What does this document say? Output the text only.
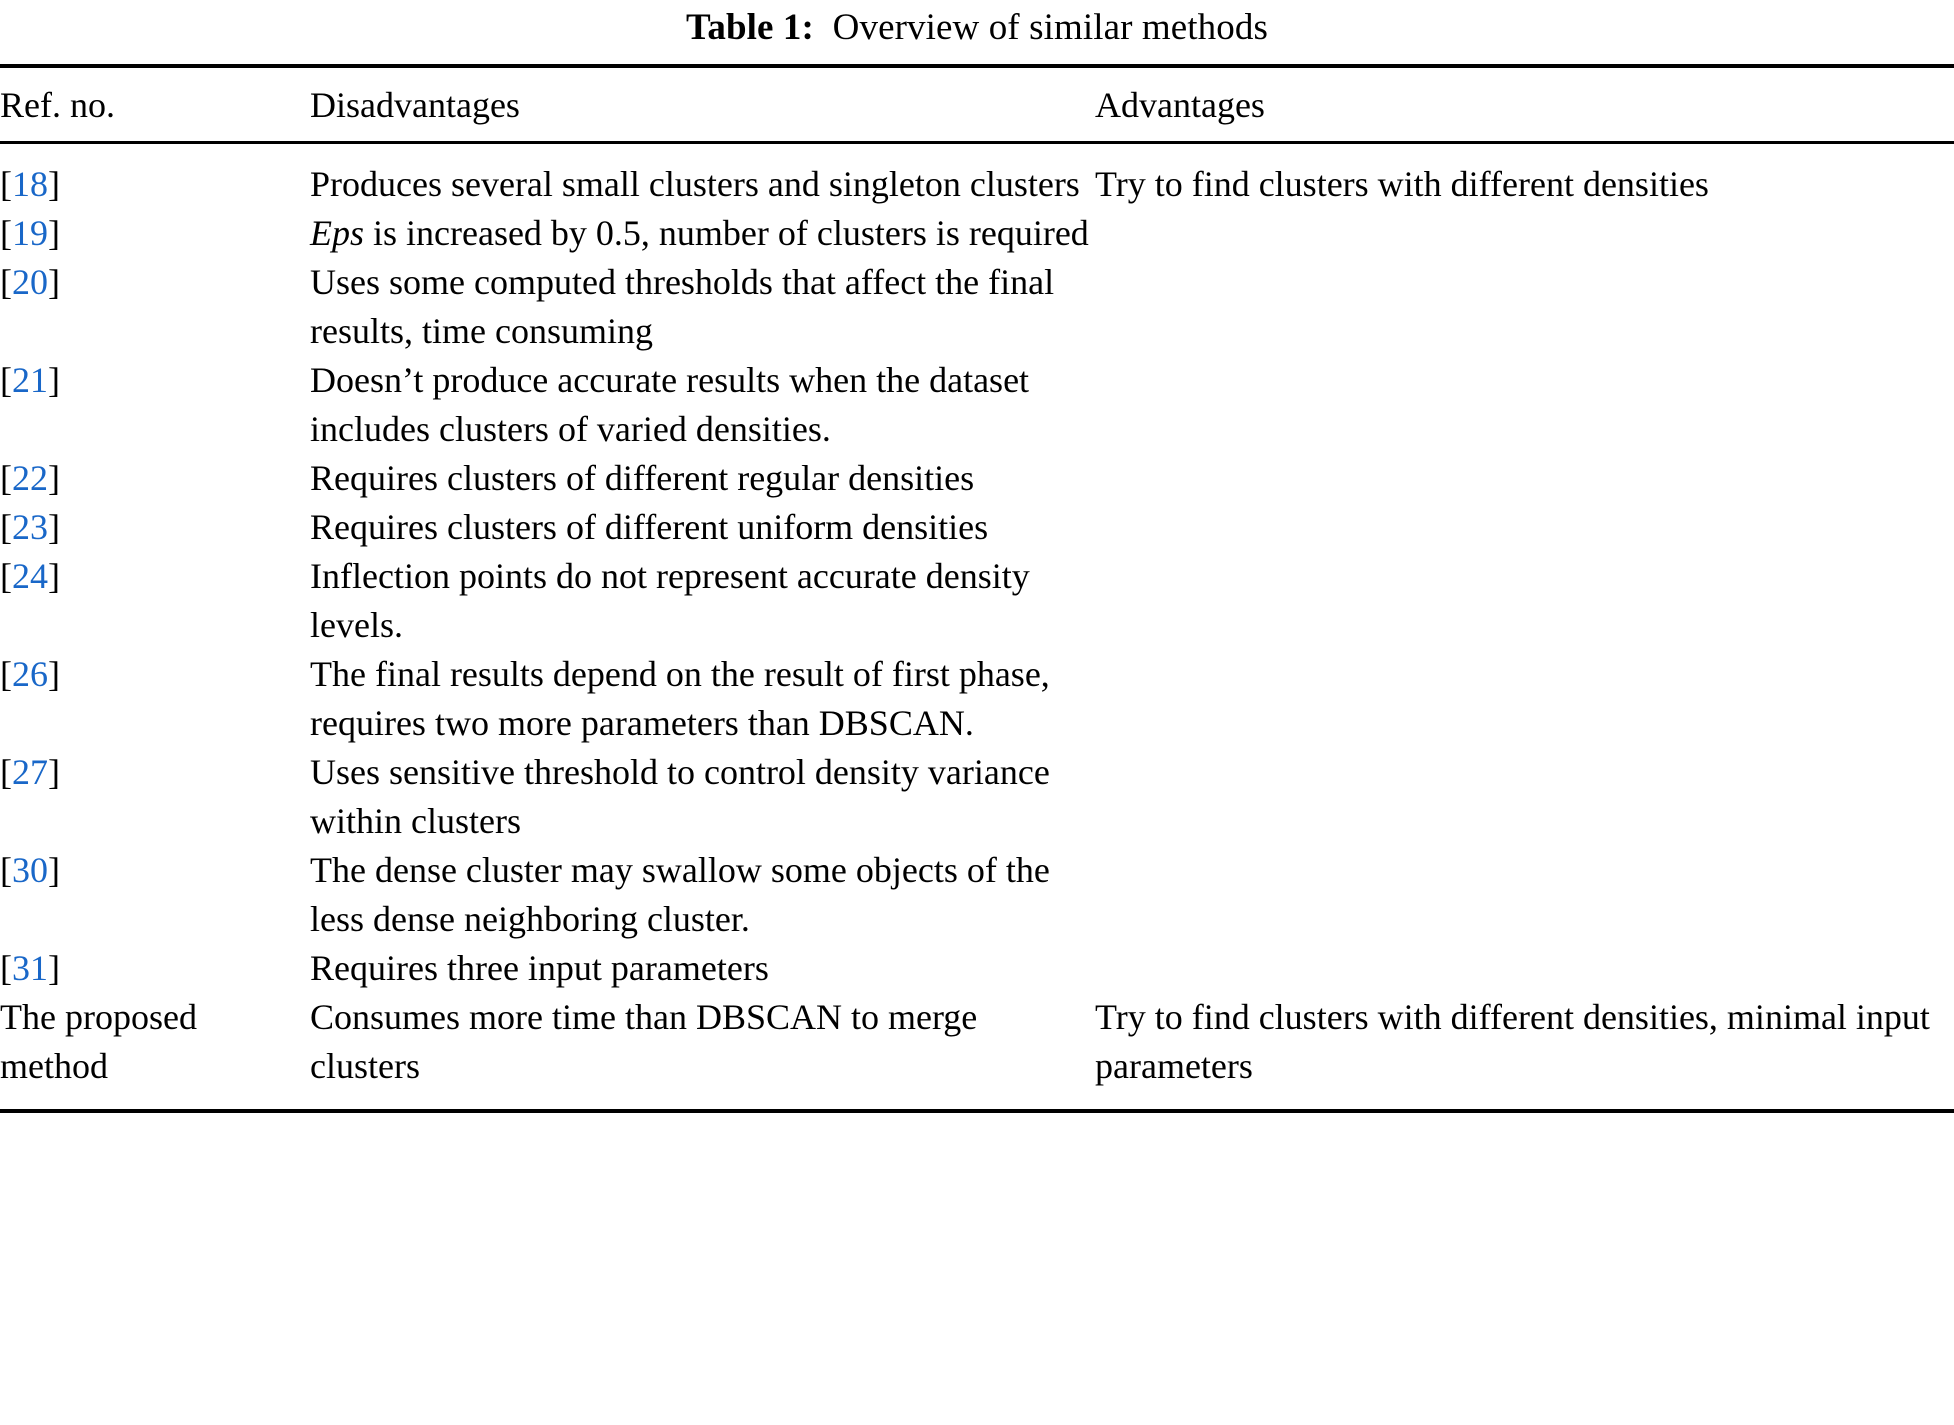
Table 1: Overview of similar methods
Ref. no.	Disadvantages	Advantages
[18]	Produces several small clusters and singleton clusters	Try to find clusters with different densities
[19]	Eps is increased by 0.5, number of clusters is required	
[20]	Uses some computed thresholds that affect the final results, time consuming	
[21]	Doesn’t produce accurate results when the dataset includes clusters of varied densities.	
[22]	Requires clusters of different regular densities	
[23]	Requires clusters of different uniform densities	
[24]	Inflection points do not represent accurate density levels.	
[26]	The final results depend on the result of first phase, requires two more parameters than DBSCAN.	
[27]	Uses sensitive threshold to control density variance within clusters	
[30]	The dense cluster may swallow some objects of the less dense neighboring cluster.	
[31]	Requires three input parameters	
The proposed method	Consumes more time than DBSCAN to merge clusters	Try to find clusters with different densities, minimal input parameters
